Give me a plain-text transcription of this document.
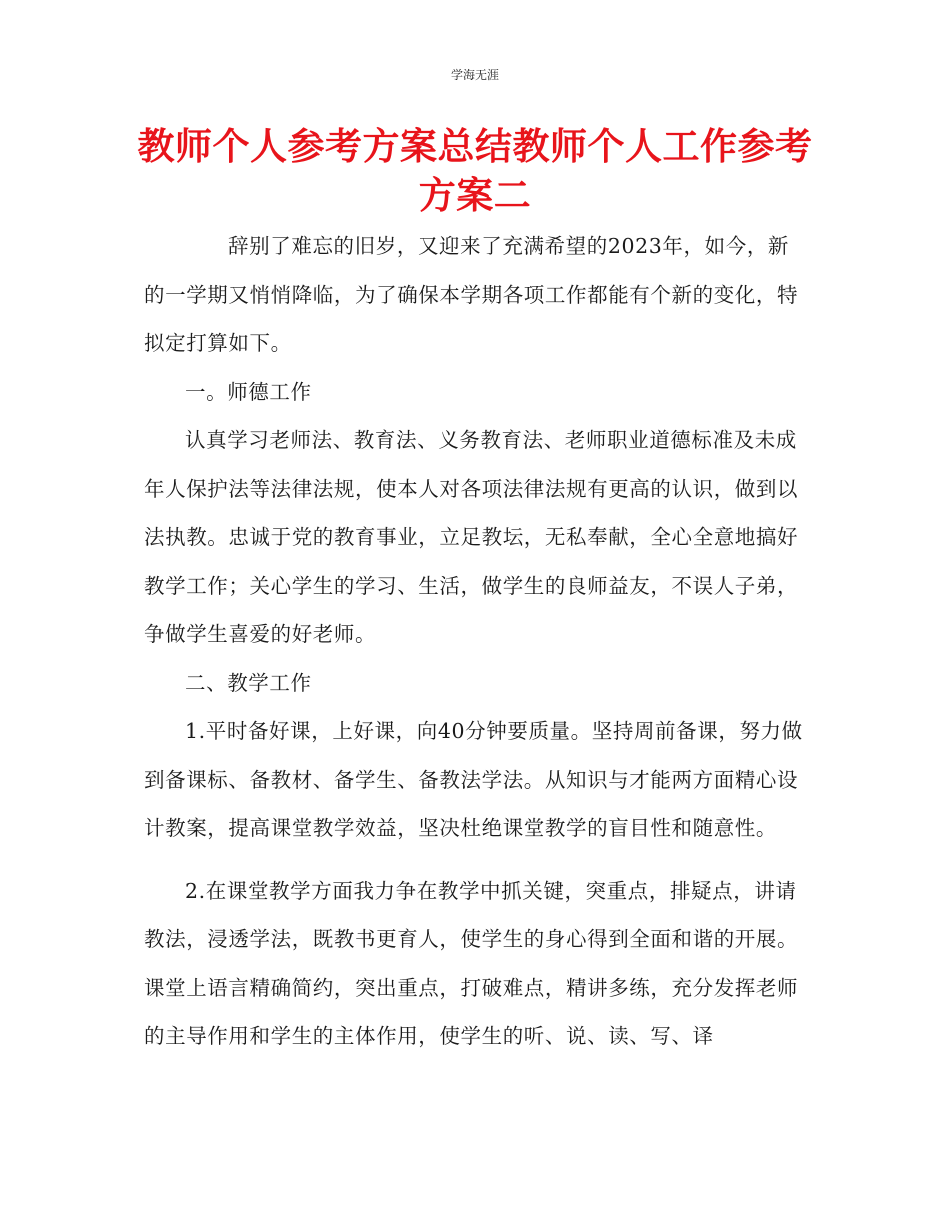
学海无涯
教师个人参考方案总结教师个人工作参考方案二

辞别了难忘的旧岁，又迎来了充满希望的2023年，如今，新的一学期又悄悄降临，为了确保本学期各项工作都能有个新的变化，特拟定打算如下。

一。师德工作

认真学习老师法、教育法、义务教育法、老师职业道德标准及未成年人保护法等法律法规，使本人对各项法律法规有更高的认识，做到以法执教。忠诚于党的教育事业，立足教坛，无私奉献，全心全意地搞好教学工作；关心学生的学习、生活，做学生的良师益友，不误人子弟，争做学生喜爱的好老师。

二、教学工作

1.平时备好课，上好课，向40分钟要质量。坚持周前备课，努力做到备课标、备教材、备学生、备教法学法。从知识与才能两方面精心设计教案，提高课堂教学效益，坚决杜绝课堂教学的盲目性和随意性。

2.在课堂教学方面我力争在教学中抓关键，突重点，排疑点，讲请教法，浸透学法，既教书更育人，使学生的身心得到全面和谐的开展。课堂上语言精确简约，突出重点，打破难点，精讲多练，充分发挥老师的主导作用和学生的主体作用，使学生的听、说、读、写、译
